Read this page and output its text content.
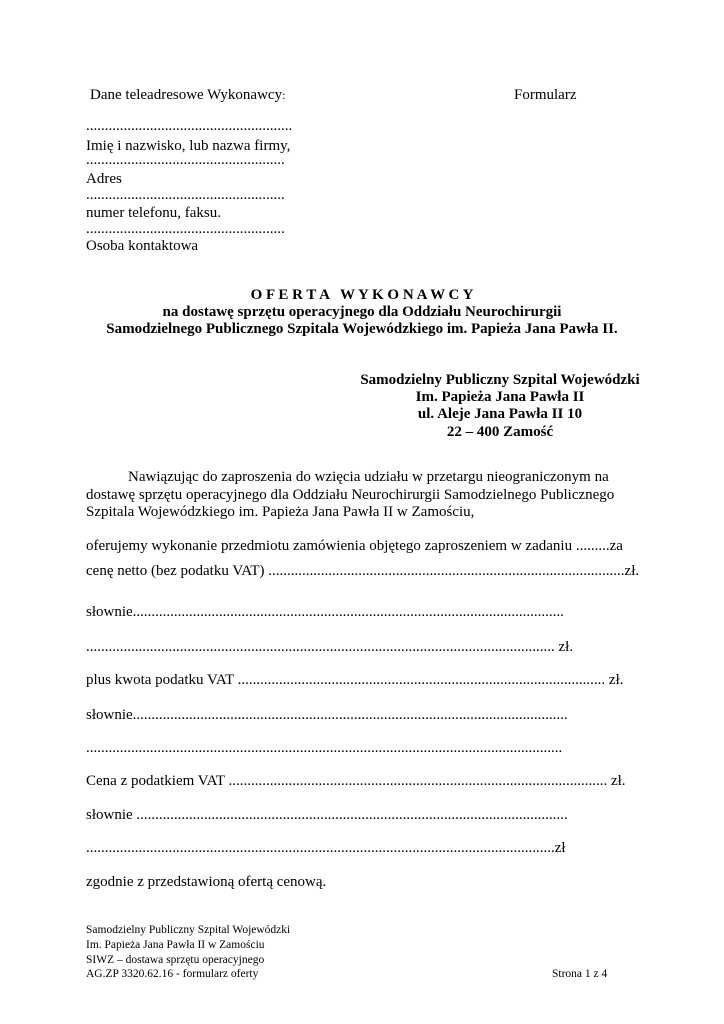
Dane teleadresowe Wykonawcy:	Formularz
.......................................................
Imię i nazwisko, lub nazwa firmy,
.....................................................
Adres
.....................................................
numer telefonu, faksu.
.....................................................
Osoba kontaktowa
O F E R T A   W Y K O N A W C Y
na dostawę sprzętu operacyjnego dla Oddziału Neurochirurgii
Samodzielnego Publicznego Szpitala Wojewódzkiego im. Papieża Jana Pawła II.
Samodzielny Publiczny Szpital Wojewódzki
Im. Papieża Jana Pawła II
ul. Aleje Jana Pawła II 10
22 – 400 Zamość
Nawiązując do zaproszenia do wzięcia udziału w przetargu nieograniczonym na
dostawę sprzętu operacyjnego dla Oddziału Neurochirurgii Samodzielnego Publicznego
Szpitala Wojewódzkiego im. Papieża Jana Pawła II w Zamościu,
oferujemy wykonanie przedmiotu zamówienia objętego zaproszeniem w zadaniu .........za
cenę netto (bez podatku VAT) ...............................................................................................zł.
słownie...................................................................................................................
............................................................................................................................. zł.
plus kwota podatku VAT .................................................................................................. zł.
słownie....................................................................................................................
...............................................................................................................................
Cena z podatkiem VAT ..................................................................................................... zł.
słownie ...................................................................................................................
.............................................................................................................................zł
zgodnie z przedstawioną ofertą cenową.
Samodzielny Publiczny Szpital Wojewódzki
Im. Papieża Jana Pawła II w Zamościu
SIWZ – dostawa sprzętu operacyjnego
AG.ZP 3320.62.16 - formularz oferty	Strona 1 z 4
